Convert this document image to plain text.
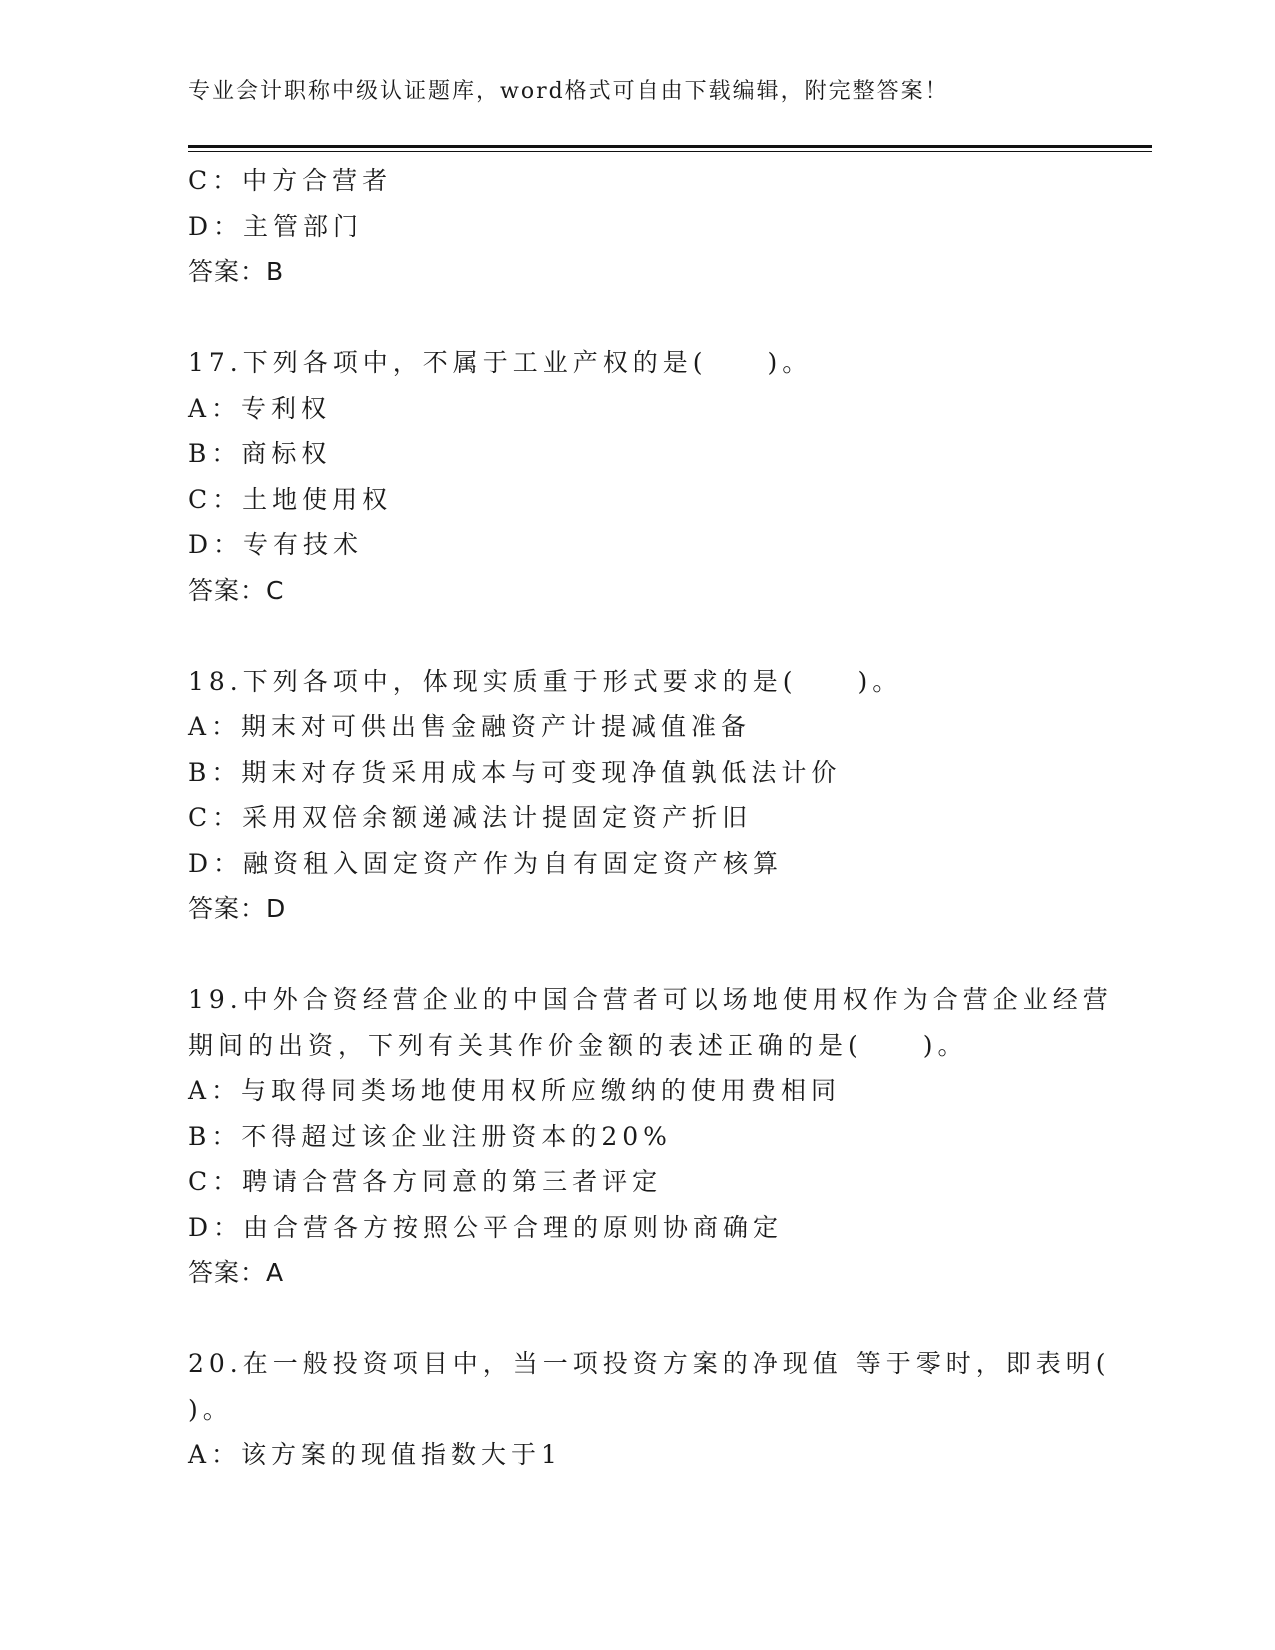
专业会计职称中级认证题库，word格式可自由下载编辑，附完整答案！
C：中方合营者
D：主管部门
答案：B
17.下列各项中，不属于工业产权的是(　　)。
A：专利权
B：商标权
C：土地使用权
D：专有技术
答案：C
18.下列各项中，体现实质重于形式要求的是(　　)。
A：期末对可供出售金融资产计提减值准备
B：期末对存货采用成本与可变现净值孰低法计价
C：采用双倍余额递减法计提固定资产折旧
D：融资租入固定资产作为自有固定资产核算
答案：D
19.中外合资经营企业的中国合营者可以场地使用权作为合营企业经营
期间的出资，下列有关其作价金额的表述正确的是(　　)。
A：与取得同类场地使用权所应缴纳的使用费相同
B：不得超过该企业注册资本的20%
C：聘请合营各方同意的第三者评定
D：由合营各方按照公平合理的原则协商确定
答案：A
20.在一般投资项目中，当一项投资方案的净现值 等于零时，即表明(
)。
A：该方案的现值指数大于1
